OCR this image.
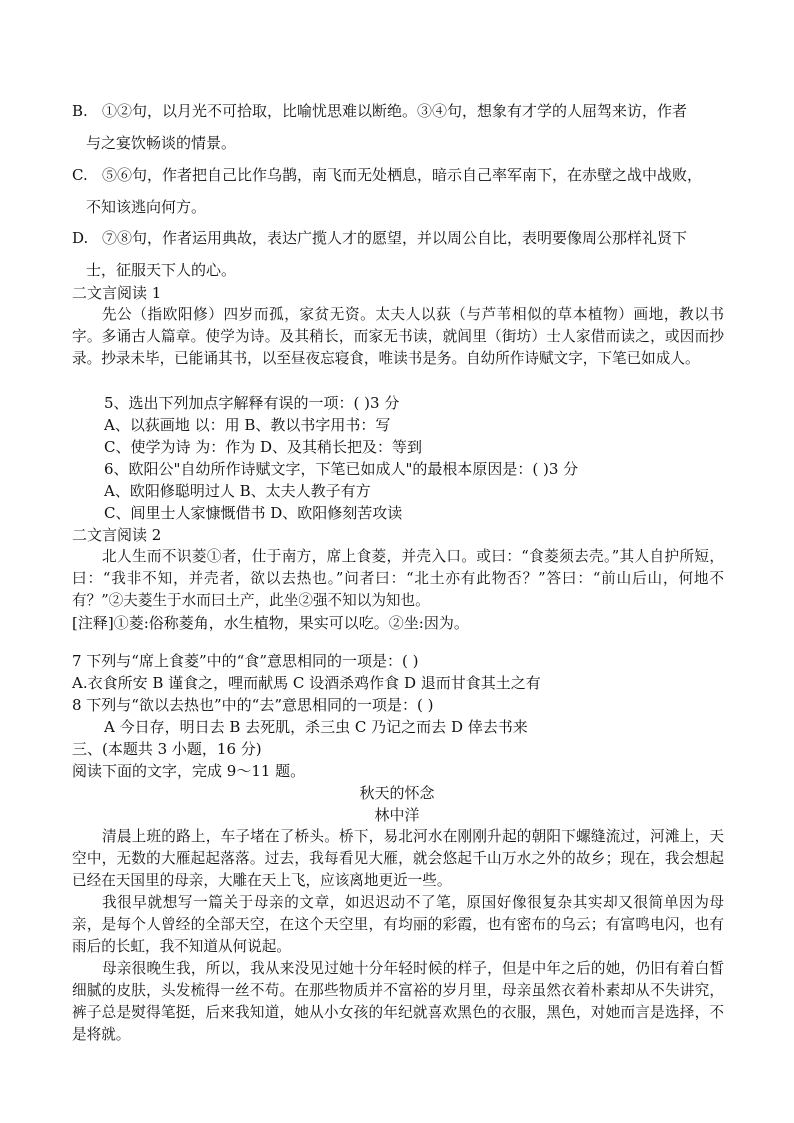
B. ①②句，以月光不可拾取，比喻忧思难以断绝。③④句，想象有才学的人屈驾来访，作者
与之宴饮畅谈的情景。
C. ⑤⑥句，作者把自己比作乌鹊，南飞而无处栖息，暗示自己率军南下，在赤壁之战中战败，
不知该逃向何方。
D. ⑦⑧句，作者运用典故，表达广揽人才的愿望，并以周公自比，表明要像周公那样礼贤下
士，征服天下人的心。
二文言阅读 1
先公（指欧阳修）四岁而孤，家贫无资。太夫人以荻（与芦苇相似的草本植物）画地，教以书字。多诵古人篇章。使学为诗。及其稍长，而家无书读，就闾里（街坊）士人家借而读之，或因而抄录。抄录未毕，已能诵其书，以至昼夜忘寝食，唯读书是务。自幼所作诗赋文字，下笔已如成人。
5、选出下列加点字解释有误的一项：( )3 分
A、以荻画地 以：用 B、教以书字用书：写
C、使学为诗 为：作为 D、及其稍长把及：等到
6、欧阳公"自幼所作诗赋文字，下笔已如成人"的最根本原因是：( )3 分
A、欧阳修聪明过人 B、太夫人教子有方
C、闾里士人家慷慨借书 D、欧阳修刻苦攻读
二文言阅读 2
北人生而不识菱①者，仕于南方，席上食菱，并壳入口。或曰：“食菱须去壳。”其人自护所短，曰：“我非不知，并壳者，欲以去热也。”问者曰：“北土亦有此物否？”答曰：“前山后山，何地不有？”②夫菱生于水而曰土产，此坐②强不知以为知也。
[注释]①菱:俗称菱角，水生植物，果实可以吃。②坐:因为。
7 下列与“席上食菱”中的“食”意思相同的一项是：( )
A.衣食所安 B 谨食之，哩而献馬 C 设酒杀鸡作食 D 退而甘食其土之有
8 下列与“欲以去热也”中的“去”意思相同的一项是：( )
A 今日存，明日去 B 去死肌，杀三虫 C 乃记之而去 D 倖去书来
三、(本题共 3 小题，16 分)
阅读下面的文字，完成 9～11 题。
秋天的怀念
林中洋
清晨上班的路上，车子堵在了桥头。桥下，易北河水在刚刚升起的朝阳下螺缝流过，河滩上，天空中，无数的大雁起起落落。过去，我每看见大雁，就会悠起千山万水之外的故乡；现在，我会想起已经在天国里的母亲，大雕在天上飞，应该离地更近一些。
我很早就想写一篇关于母亲的文章，如迟迟动不了笔，原国好像很复杂其实却又很简单因为母亲，是每个人曾经的全部天空，在这个天空里，有均丽的彩霞，也有密布的乌云；有富鸣电闪，也有雨后的长虹，我不知道从何说起。
母亲很晚生我，所以，我从来没见过她十分年轻时候的样子，但是中年之后的她，仍旧有着白皙细腻的皮肤，头发梳得一丝不苟。在那些物质并不富裕的岁月里，母亲虽然衣着朴素却从不失讲究，裤子总是熨得笔挺，后来我知道，她从小女孩的年纪就喜欢黑色的衣服，黑色，对她而言是选择，不是将就。
